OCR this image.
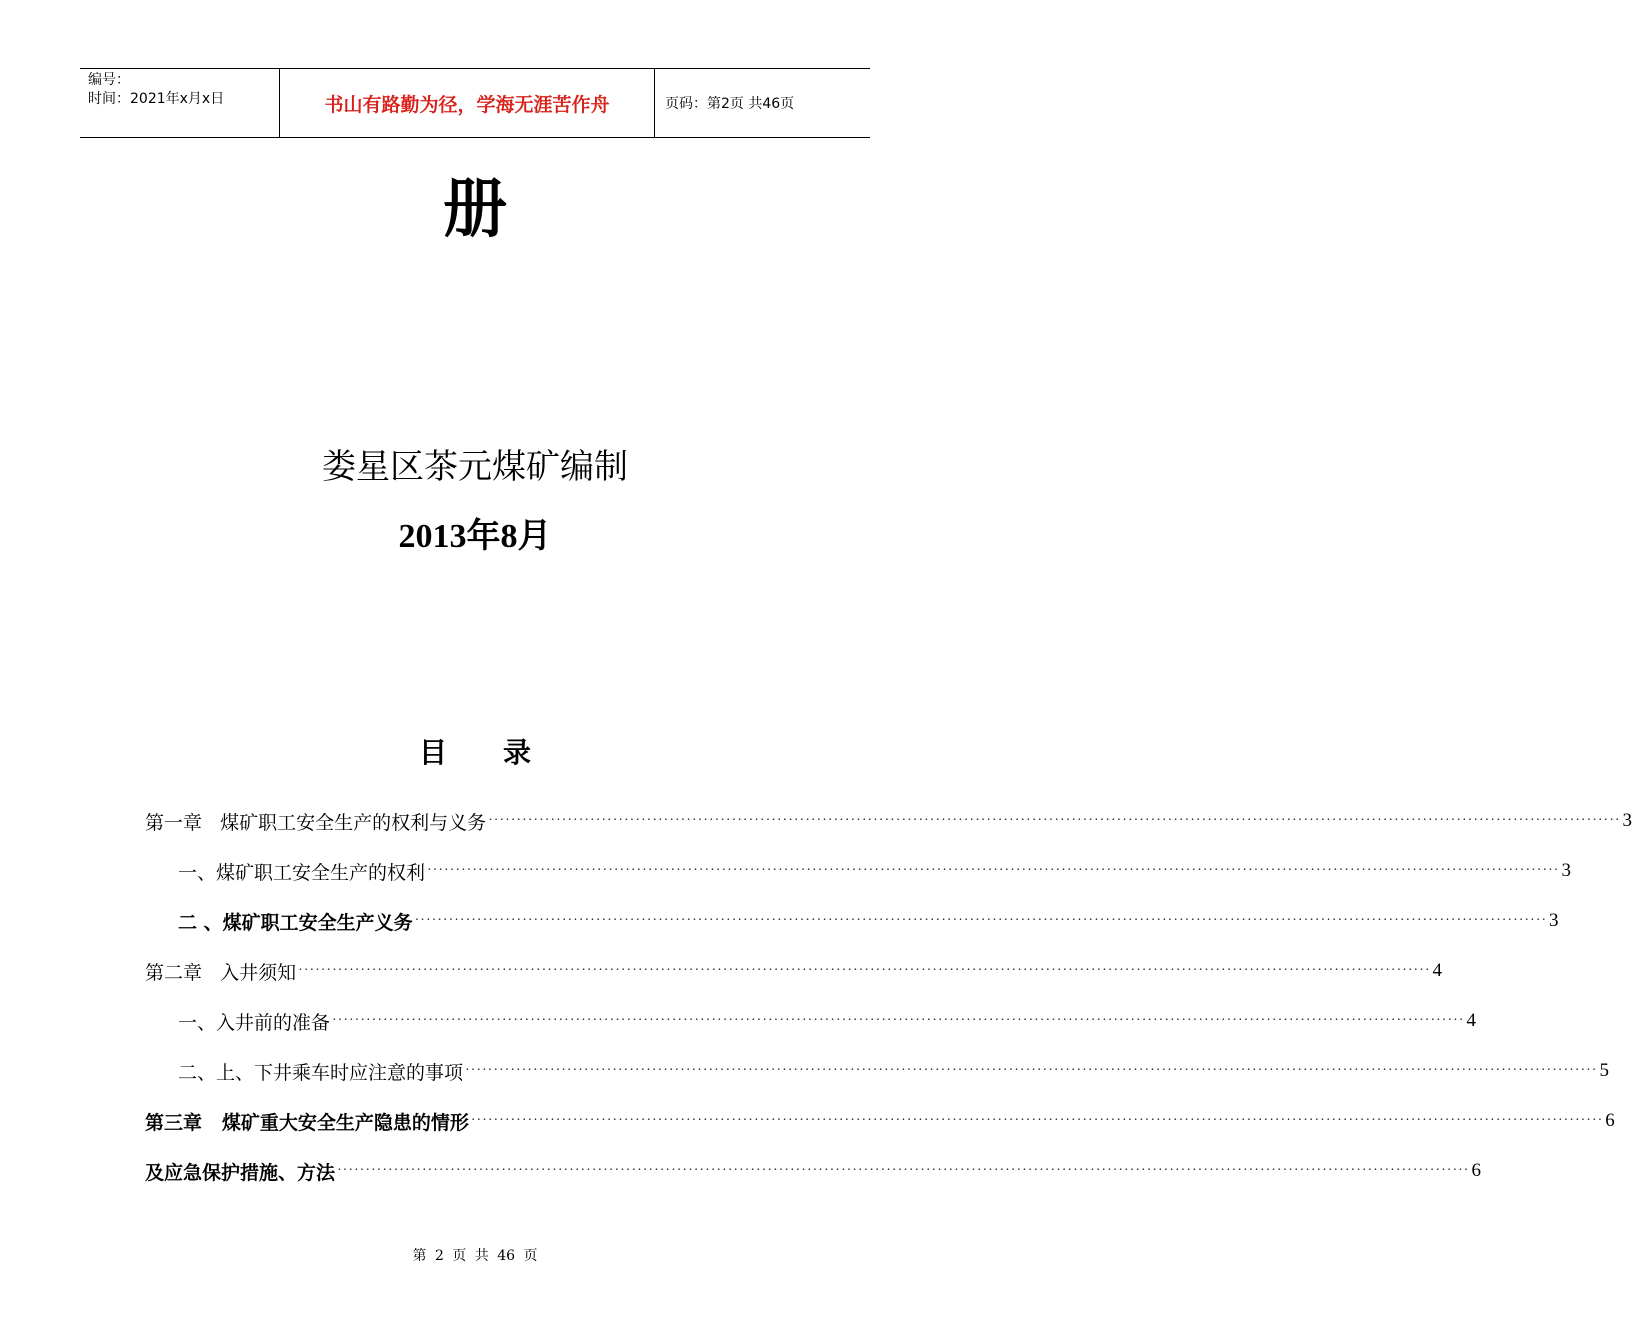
编号：
时间：2021年x月x日	书山有路勤为径，学海无涯苦作舟	页码：第2页 共46页
册
娄星区茶元煤矿编制
2013年8月
目录
第一章   煤矿职工安全生产的权利与义务 ········································································································································································································ 3
一、煤矿职工安全生产的权利 ········································································································································································································ 3
二 、煤矿职工安全生产义务 ········································································································································································································ 3
第二章   入井须知 ········································································································································································································ 4
一、入井前的准备 ········································································································································································································ 4
二、上、下井乘车时应注意的事项 ········································································································································································································ 5
第三章   煤矿重大安全生产隐患的情形 ········································································································································································································ 6
及应急保护措施、方法 ········································································································································································································ 6
第 2 页 共 46 页
